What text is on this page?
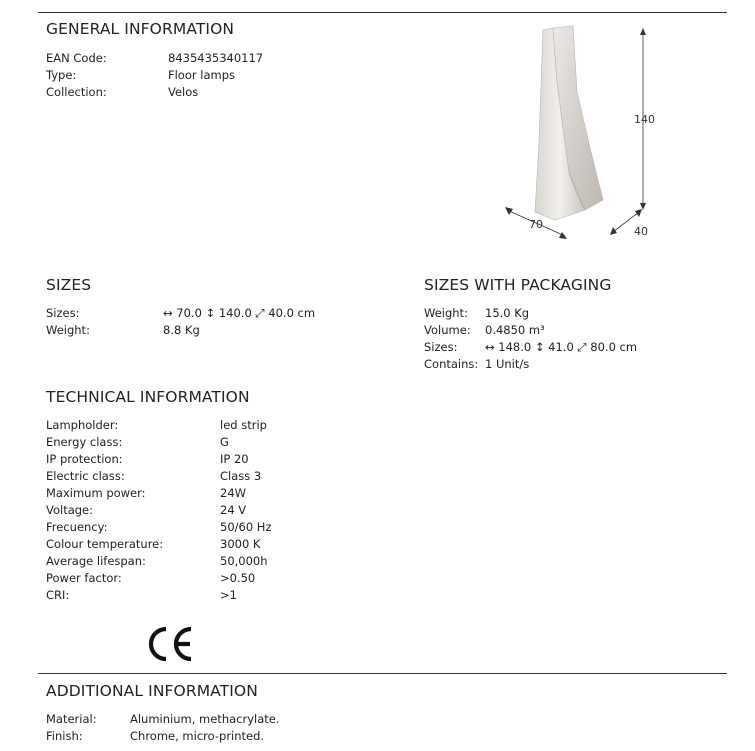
GENERAL INFORMATION
EAN Code:	8435435340117
Type:	Floor lamps
Collection:	Velos
140
70
40
SIZES
Sizes:	↔ 70.0 ↕ 140.0 ⤢ 40.0 cm
Weight:	8.8 Kg
SIZES WITH PACKAGING
Weight: 15.0 Kg
Volume: 0.4850 m³
Sizes: ↔ 148.0 ↕ 41.0 ⤢ 80.0 cm
Contains: 1 Unit/s
TECHNICAL INFORMATION
Lampholder:	led strip
Energy class:	G
IP protection:	IP 20
Electric class:	Class 3
Maximum power:	24W
Voltage:	24 V
Frecuency:	50/60 Hz
Colour temperature:	3000 K
Average lifespan:	50,000h
Power factor:	>0.50
CRI:	>1
ADDITIONAL INFORMATION
Material:	Aluminium, methacrylate.
Finish:	Chrome, micro-printed.
